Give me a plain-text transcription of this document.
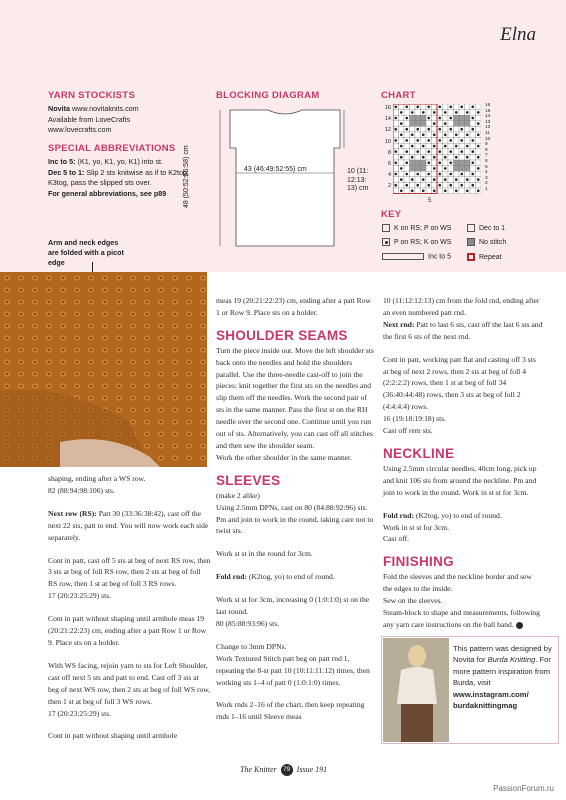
Elna
YARN STOCKISTS
Novita www.novitaknits.com
Available from LoveCrafts
www.lovecrafts.com
SPECIAL ABBREVIATIONS
Inc to 5: (K1, yo, K1, yo, K1) into st.
Dec 5 to 1: Slip 2 sts knitwise as if to K2tog, K3tog, pass the slipped sts over.
For general abbreviations, see p89
Arm and neck edges are folded with a picot edge
BLOCKING DIAGRAM
43 (46:49:52:55) cm
48 (50:52:55:58) cm	10 (11:
12:13:
13) cm
CHART
16
14
12
10
8
6
4
2
16
15
14
13
12
11
10
9
8
7
6
5
4
3
2
1
5
KEY
K on RS; P on WS
P on RS; K on WS
Inc to 5
Dec to 1
No stitch
Repeat

shaping, ending after a WS row.
82 (88:94:98:106) sts.

Next row (RS): Patt 30 (33:36:38:42), cast off the next 22 sts, patt to end. You will now work each side separately.

Cont in patt, cast off 5 sts at beg of next RS row, then 3 sts at beg of foll RS row, then 2 sts at beg of foll RS row, then 1 st at beg of foll 3 RS rows.
17 (20:23:25:29) sts.

Cont in patt without shaping until armhole meas 19 (20:21:22:23) cm, ending after a patt Row 1 or Row 9. Place sts on a holder.

With WS facing, rejoin yarn to sts for Left Shoulder, cast off next 5 sts and patt to end. Cast off 3 sts at beg of next WS row, then 2 sts at beg of foll WS row, then 1 st at beg of foll 3 WS rows.
17 (20:23:25:29) sts.

Cont in patt without shaping until armhole

meas 19 (20:21:22:23) cm, ending after a patt Row 1 or Row 9. Place sts on a holder.

SHOULDER SEAMS
Turn the piece inside out. Move the left shoulder sts back onto the needles and hold the shoulders parallel. Use the three-needle cast-off to join the pieces: knit together the first sts on the needles and slip them off the needles. Work the second pair of sts in the same manner. Pass the first st on the RH needle over the second one. Continue until you run out of sts. Alternatively, you can cast off all stitches and then sew the shoulder seam.

Work the other shoulder in the same manner.

SLEEVES
(make 2 alike)
Using 2.5mm DPNs, cast on 80 (84:88:92:96) sts.

Pm and join to work in the round, taking care not to twist sts.

Work st st in the round for 3cm.

Fold rnd: (K2tog, yo) to end of round.

Work st st for 3cm, increasing 0 (1:0:1:0) st on the last round.
80 (85:88:93:96) sts.

Change to 3mm DPNs.

Work Textured Stitch patt beg on patt rnd 1, repeating the 8-st patt 10 (10:11:11:12) times, then working sts 1–4 of patt 0 (1:0:1:0) times.

Work rnds 2–16 of the chart, then keep repeating rnds 1–16 until Sleeve meas

10 (11:12:12:13) cm from the fold rnd, ending after an even numbered patt rnd.

Next rnd: Patt to last 6 sts, cast off the last 6 sts and the first 6 sts of the next rnd.

Cont in patt, working patt flat and casting off 3 sts at beg of next 2 rows, then 2 sts at beg of foll 4 (2:2:2:2) rows, then 1 st at beg of foll 34 (36:40:44:48) rows, then 3 sts at beg of foll 2 (4:4:4:4) rows.
16 (19:18:19:18) sts.
Cast off rem sts.

NECKLINE

Using 2.5mm circular needles, 40cm long, pick up and knit 106 sts from around the neckline. Pm and join to work in the round. Work in st st for 3cm.

Fold rnd: (K2tog, yo) to end of round.
Work in st st for 3cm.

Cast off.

FINISHING
Fold the sleeves and the neckline border and sew the edges to the inside.
Sew on the sleeves.
Steam-block to shape and measurements, following any yarn care instructions on the ball band.
This pattern was designed by Novita for Burda Knitting. For more pattern inspiration from Burda, visit www.instagram.com/
burdaknittingmag
The Knitter 79 Issue 191
PassionForum.ru
